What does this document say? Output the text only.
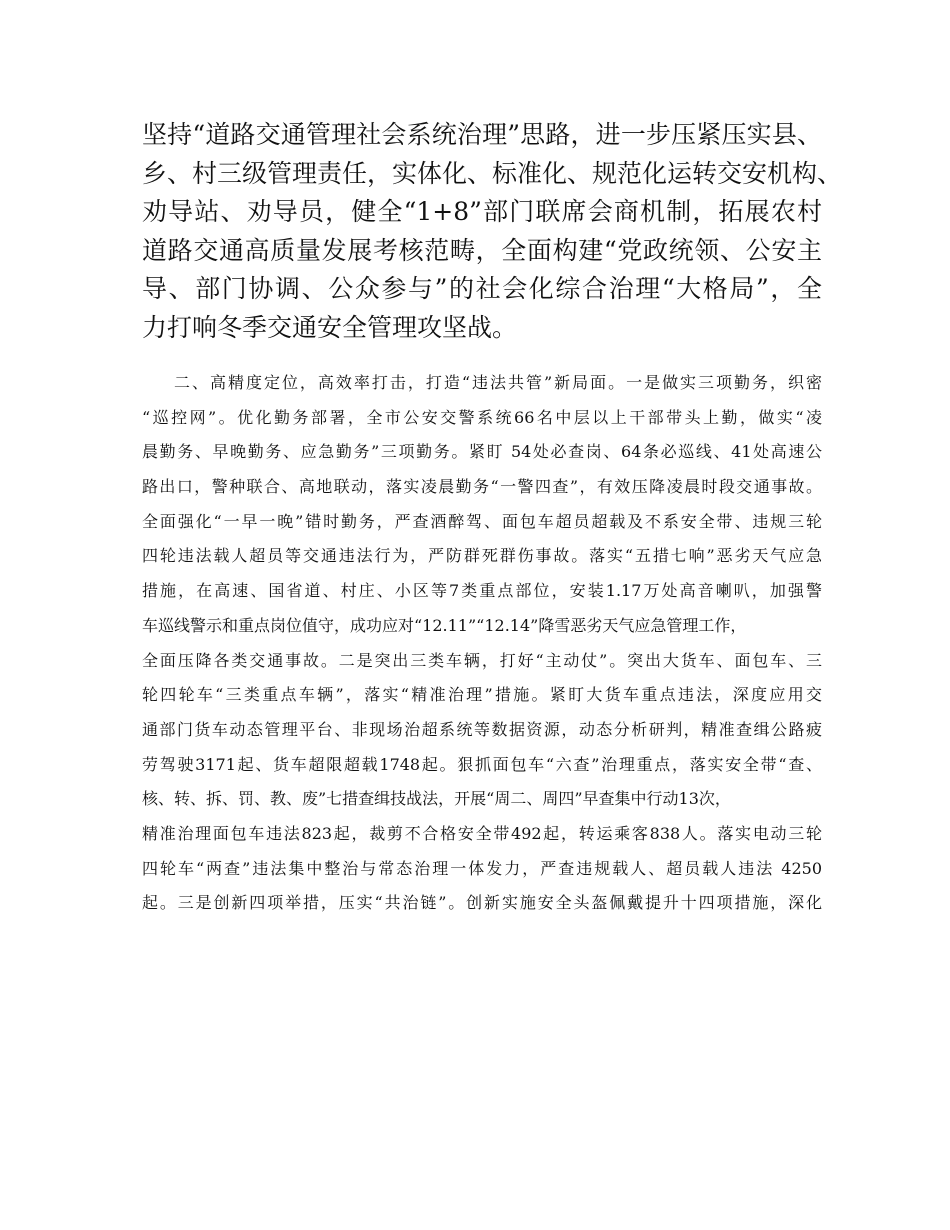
坚持“道路交通管理社会系统治理”思路，进一步压紧压实县、
乡、村三级管理责任，实体化、标准化、规范化运转交安机构、
劝导站、劝导员，健全“1+8”部门联席会商机制，拓展农村
道路交通高质量发展考核范畴，全面构建“党政统领、公安主
导、部门协调、公众参与”的社会化综合治理“大格局”，全
力打响冬季交通安全管理攻坚战。
二、高精度定位，高效率打击，打造“违法共管”新局面。一是做实三项勤务，织密
“巡控网”。优化勤务部署，全市公安交警系统66名中层以上干部带头上勤，做实“凌
晨勤务、早晚勤务、应急勤务”三项勤务。紧盯 54处必查岗、64条必巡线、41处高速公
路出口，警种联合、高地联动，落实凌晨勤务“一警四查”，有效压降凌晨时段交通事故。
全面强化“一早一晚”错时勤务，严查酒醉驾、面包车超员超载及不系安全带、违规三轮
四轮违法载人超员等交通违法行为，严防群死群伤事故。落实“五措七响”恶劣天气应急
措施，在高速、国省道、村庄、小区等7类重点部位，安装1.17万处高音喇叭，加强警
车巡线警示和重点岗位值守，成功应对“12.11”“12.14”降雪恶劣天气应急管理工作，
全面压降各类交通事故。二是突出三类车辆，打好“主动仗”。突出大货车、面包车、三
轮四轮车“三类重点车辆”，落实“精准治理”措施。紧盯大货车重点违法，深度应用交
通部门货车动态管理平台、非现场治超系统等数据资源，动态分析研判，精准查缉公路疲
劳驾驶3171起、货车超限超载1748起。狠抓面包车“六查”治理重点，落实安全带“查、
核、转、拆、罚、教、废”七措查缉技战法，开展“周二、周四”早查集中行动13次，
精准治理面包车违法823起，裁剪不合格安全带492起，转运乘客838人。落实电动三轮
四轮车“两查”违法集中整治与常态治理一体发力，严查违规载人、超员载人违法 4250
起。三是创新四项举措，压实“共治链”。创新实施安全头盔佩戴提升十四项措施，深化
